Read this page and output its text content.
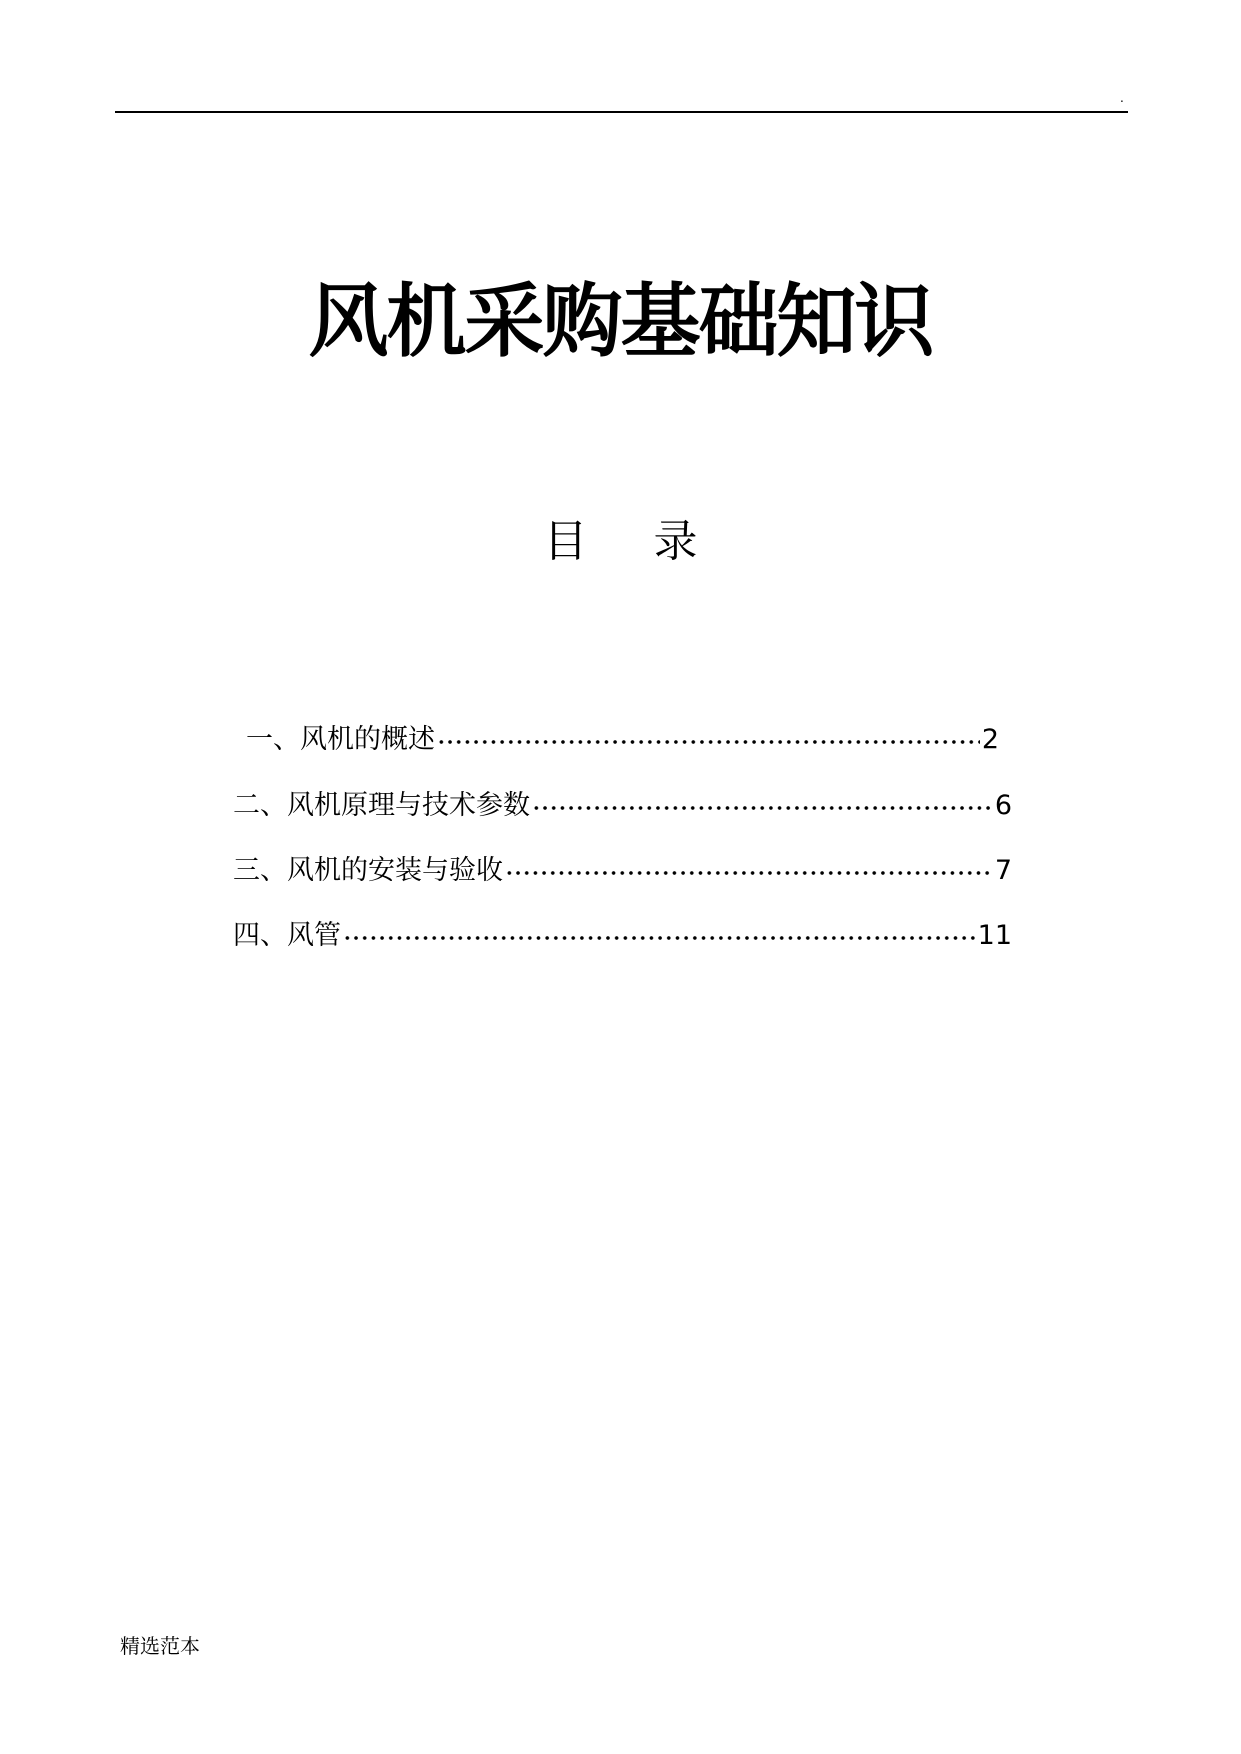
.
风机采购基础知识
目 录
一、风机的概述	2
二、风机原理与技术参数	6
三、风机的安装与验收	7
四、风管	11
精选范本
